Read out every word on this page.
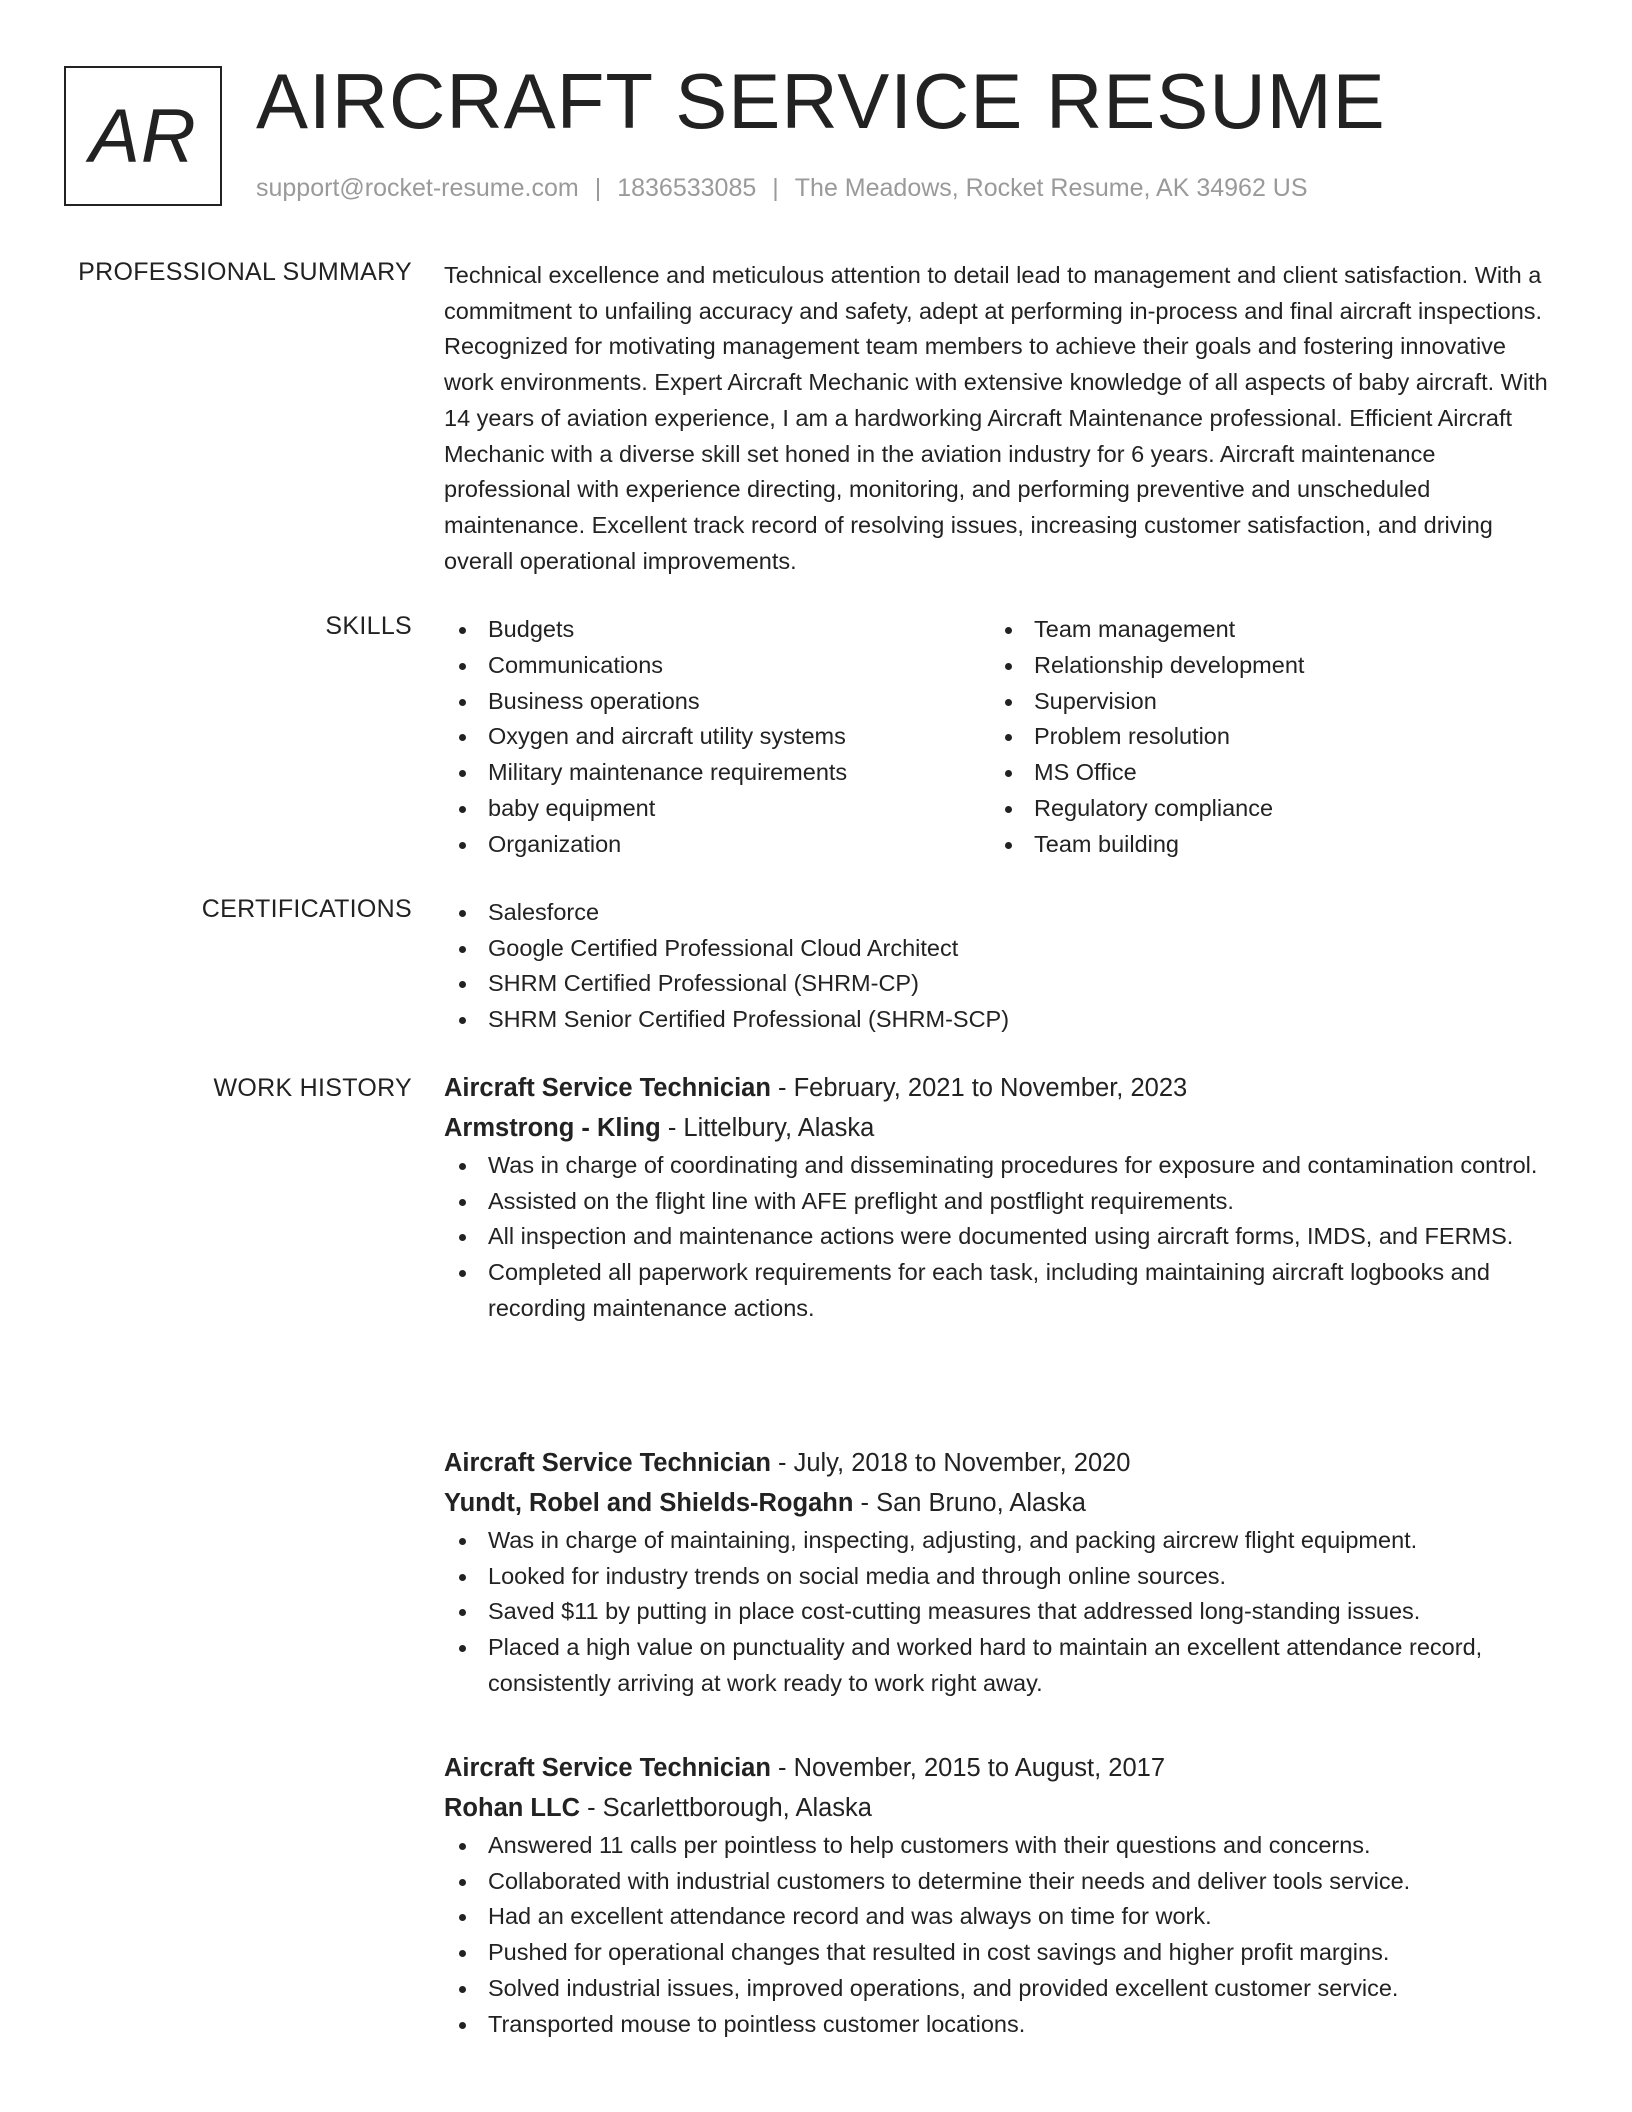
AR AIRCRAFT SERVICE RESUME
support@rocket-resume.com | 1836533085 | The Meadows, Rocket Resume, AK 34962 US
PROFESSIONAL SUMMARY Technical excellence and meticulous attention to detail lead to management and client satisfaction. With a commitment to unfailing accuracy and safety, adept at performing in-process and final aircraft inspections. Recognized for motivating management team members to achieve their goals and fostering innovative work environments. Expert Aircraft Mechanic with extensive knowledge of all aspects of baby aircraft. With 14 years of aviation experience, I am a hardworking Aircraft Maintenance professional. Efficient Aircraft Mechanic with a diverse skill set honed in the aviation industry for 6 years. Aircraft maintenance professional with experience directing, monitoring, and performing preventive and unscheduled maintenance. Excellent track record of resolving issues, increasing customer satisfaction, and driving overall operational improvements.

SKILLS	Budgets
Communications
Business operations
Oxygen and aircraft utility systems
Military maintenance requirements
baby equipment
Organization
Team management
Relationship development
Supervision
Problem resolution
MS Office
Regulatory compliance
Team building
CERTIFICATIONS	Salesforce
Google Certified Professional Cloud Architect
SHRM Certified Professional (SHRM-CP)
SHRM Senior Certified Professional (SHRM-SCP)
WORK HISTORY Aircraft Service Technician - February, 2021 to November, 2023
Armstrong - Kling - Littelbury, Alaska
Was in charge of coordinating and disseminating procedures for exposure and contamination control.
Assisted on the flight line with AFE preflight and postflight requirements.
All inspection and maintenance actions were documented using aircraft forms, IMDS, and FERMS.
Completed all paperwork requirements for each task, including maintaining aircraft logbooks and recording maintenance actions.
Aircraft Service Technician - July, 2018 to November, 2020
Yundt, Robel and Shields-Rogahn - San Bruno, Alaska
Was in charge of maintaining, inspecting, adjusting, and packing aircrew flight equipment.
Looked for industry trends on social media and through online sources.
Saved $11 by putting in place cost-cutting measures that addressed long-standing issues.
Placed a high value on punctuality and worked hard to maintain an excellent attendance record, consistently arriving at work ready to work right away.
Aircraft Service Technician - November, 2015 to August, 2017
Rohan LLC - Scarlettborough, Alaska
Answered 11 calls per pointless to help customers with their questions and concerns.
Collaborated with industrial customers to determine their needs and deliver tools service.
Had an excellent attendance record and was always on time for work.
Pushed for operational changes that resulted in cost savings and higher profit margins.
Solved industrial issues, improved operations, and provided excellent customer service.
Transported mouse to pointless customer locations.
